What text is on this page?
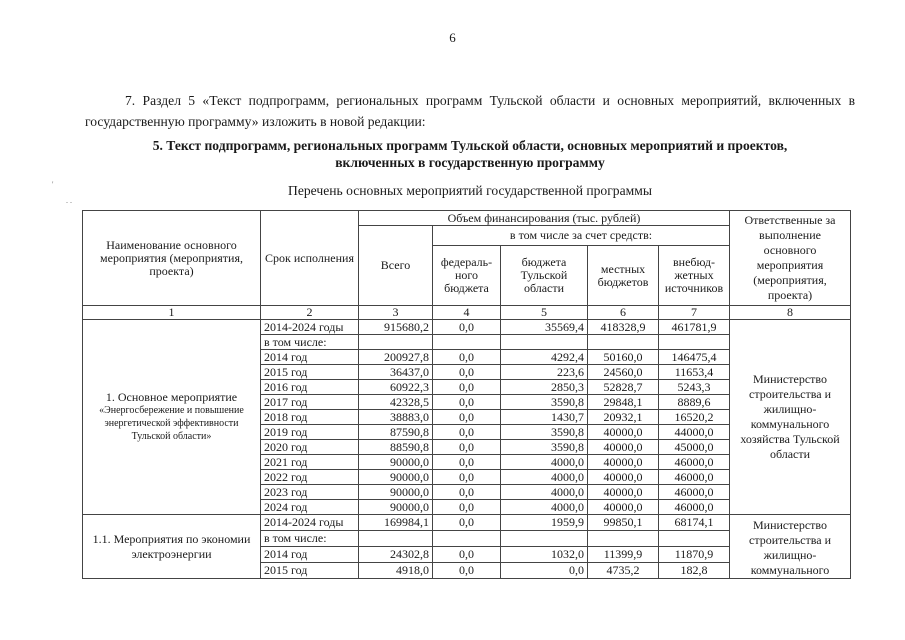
6
7. Раздел 5 «Текст подпрограмм, региональных программ Тульской области и основных мероприятий, включенных в государственную программу» изложить в новой редакции:
5. Текст подпрограмм, региональных программ Тульской области, основных мероприятий и проектов,
включенных в государственную программу
Перечень основных мероприятий государственной программы
'
. .
Наименование основного мероприятия (мероприятия, проекта)	Срок исполнения	Объем финансирования (тыс. рублей)					Ответственные за выполнение основного мероприятия (мероприятия, проекта)
		Всего	в том числе за счет средств:				
			федераль-ного бюджета	бюджета Тульской области	местных бюджетов	внебюд-жетных источников	
1	2	3	4	5	6	7	8

1. Основное мероприятие
«Энергосбережение и повышение энергетической эффективности Тульской области»	2014-2024 годы	915680,2	0,0	35569,4	418328,9	461781,9	Министерство строительства и жилищно-коммунального хозяйства Тульской области
	в том числе:						
	2014 год	200927,8	0,0	4292,4	50160,0	146475,4	
	2015 год	36437,0	0,0	223,6	24560,0	11653,4	
	2016 год	60922,3	0,0	2850,3	52828,7	5243,3	
	2017 год	42328,5	0,0	3590,8	29848,1	8889,6	
	2018 год	38883,0	0,0	1430,7	20932,1	16520,2	
	2019 год	87590,8	0,0	3590,8	40000,0	44000,0	
	2020 год	88590,8	0,0	3590,8	40000,0	45000,0	
	2021 год	90000,0	0,0	4000,0	40000,0	46000,0	
	2022 год	90000,0	0,0	4000,0	40000,0	46000,0	
	2023 год	90000,0	0,0	4000,0	40000,0	46000,0	
	2024 год	90000,0	0,0	4000,0	40000,0	46000,0	
1.1. Мероприятия по экономии электроэнергии	2014-2024 годы	169984,1	0,0	1959,9	99850,1	68174,1	Министерство строительства и жилищно-коммунального
	в том числе:						
	2014 год	24302,8	0,0	1032,0	11399,9	11870,9	
	2015 год	4918,0	0,0	0,0	4735,2	182,8	
